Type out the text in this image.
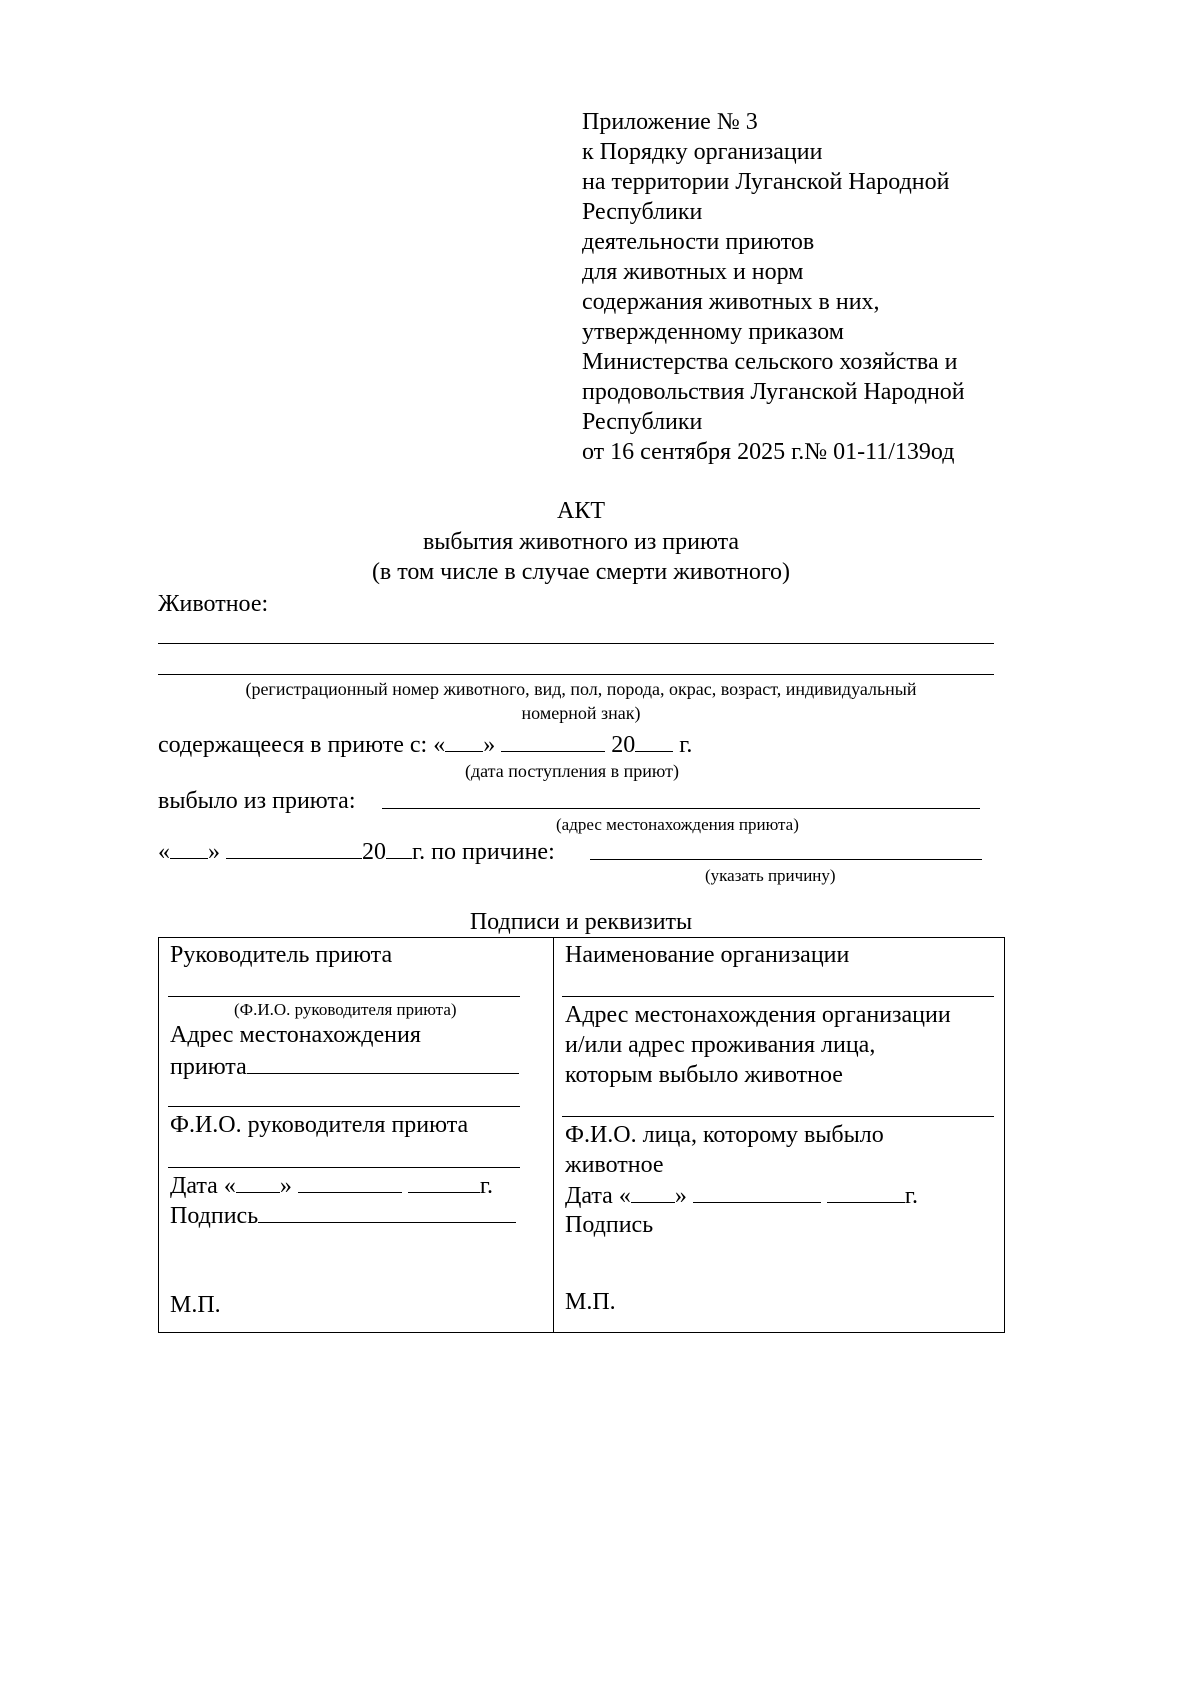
Приложение № 3
к Порядку организации
на территории Луганской Народной
Республики
деятельности приютов
для животных и норм
содержания животных в них,
утвержденному приказом
Министерства сельского хозяйства и
продовольствия Луганской Народной
Республики
от 16 сентября 2025 г.№ 01-11/139од
АКТ
выбытия животного из приюта
(в том числе в случае смерти животного)
Животное:
(регистрационный номер животного, вид, пол, порода, окрас, возраст, индивидуальный
номерной знак)
содержащееся в приюте с: « »	20 г.
(дата поступления в приют)
выбыло из приюта:
(адрес местонахождения приюта)
« »	20 г. по причине:
(указать причину)
Подписи и реквизиты
Руководитель приюта
(Ф.И.О. руководителя приюта)
Адрес местонахождения
приюта
Ф.И.О. руководителя приюта
Дата « »	г.
Подпись
М.П.

Наименование организации
Адрес местонахождения организации
и/или адрес проживания лица,
которым выбыло животное
Ф.И.О. лица, которому выбыло
животное
Дата « »	г.
Подпись
М.П.
